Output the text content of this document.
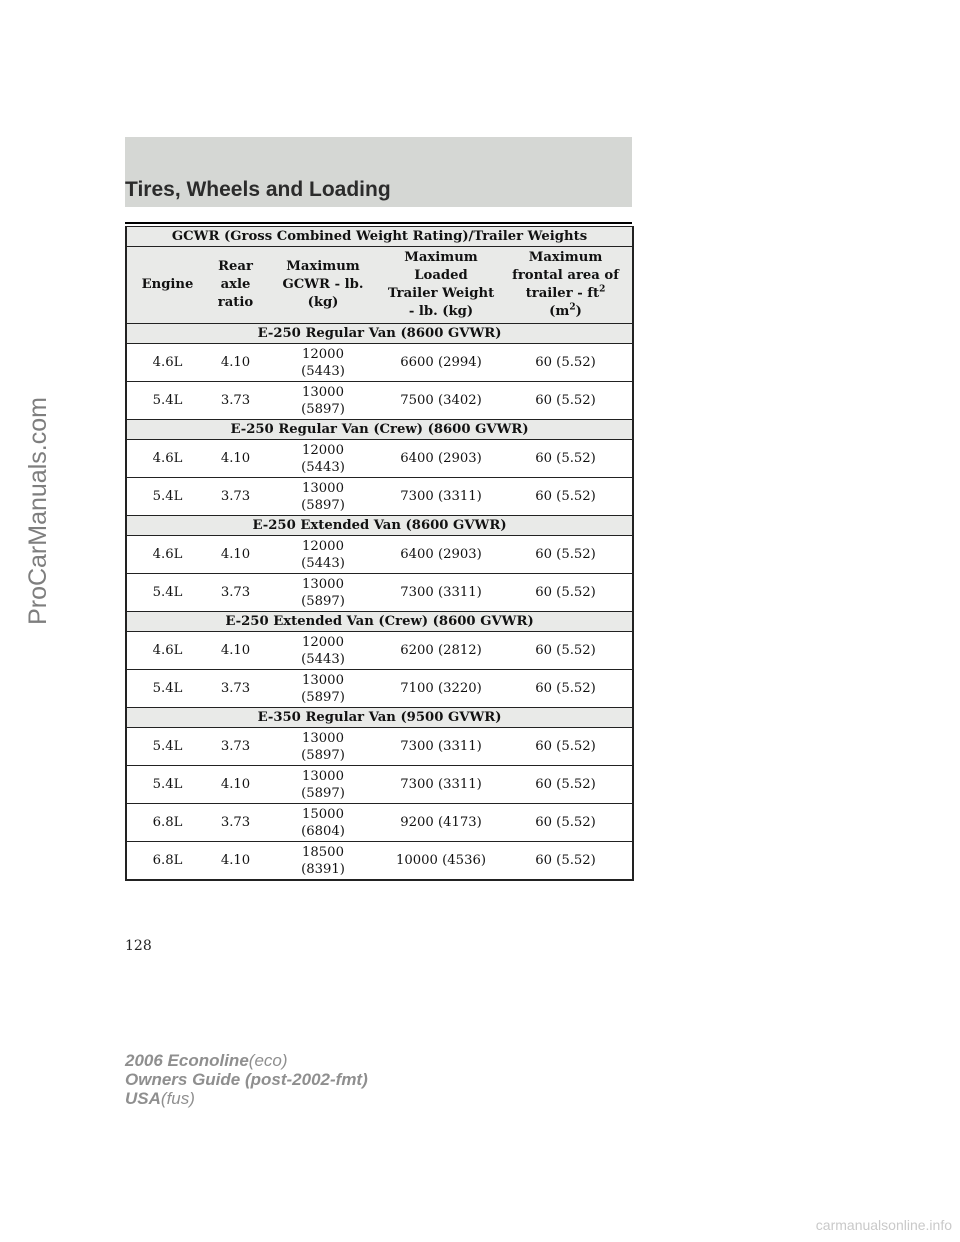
Tires, Wheels and Loading
GCWR (Gross Combined Weight Rating)/Trailer Weights				

Engine	Rear
axle
ratio	Maximum
GCWR - lb.
(kg)	Maximum
Loaded
Trailer Weight
- lb. (kg)	Maximum
frontal area of
trailer - $ft^2$
$(m^2)$

E-250 Regular Van (8600 GVWR)				
4.6L	4.10	12000
(5443)	6600 (2994)	60 (5.52)
5.4L	3.73	13000
(5897)	7500 (3402)	60 (5.52)
E-250 Regular Van (Crew) (8600 GVWR)				
4.6L	4.10	12000
(5443)	6400 (2903)	60 (5.52)
5.4L	3.73	13000
(5897)	7300 (3311)	60 (5.52)
E-250 Extended Van (8600 GVWR)				
4.6L	4.10	12000
(5443)	6400 (2903)	60 (5.52)
5.4L	3.73	13000
(5897)	7300 (3311)	60 (5.52)
E-250 Extended Van (Crew) (8600 GVWR)				
4.6L	4.10	12000
(5443)	6200 (2812)	60 (5.52)
5.4L	3.73	13000
(5897)	7100 (3220)	60 (5.52)
E-350 Regular Van (9500 GVWR)				
5.4L	3.73	13000
(5897)	7300 (3311)	60 (5.52)
5.4L	4.10	13000
(5897)	7300 (3311)	60 (5.52)
6.8L	3.73	15000
(6804)	9200 (4173)	60 (5.52)
6.8L	4.10	18500
(8391)	10000 (4536)	60 (5.52)
128
2006 Econoline(eco)
Owners Guide (post-2002-fmt)
USA(fus)
ProCarManuals.com
carmanualsonline.info
